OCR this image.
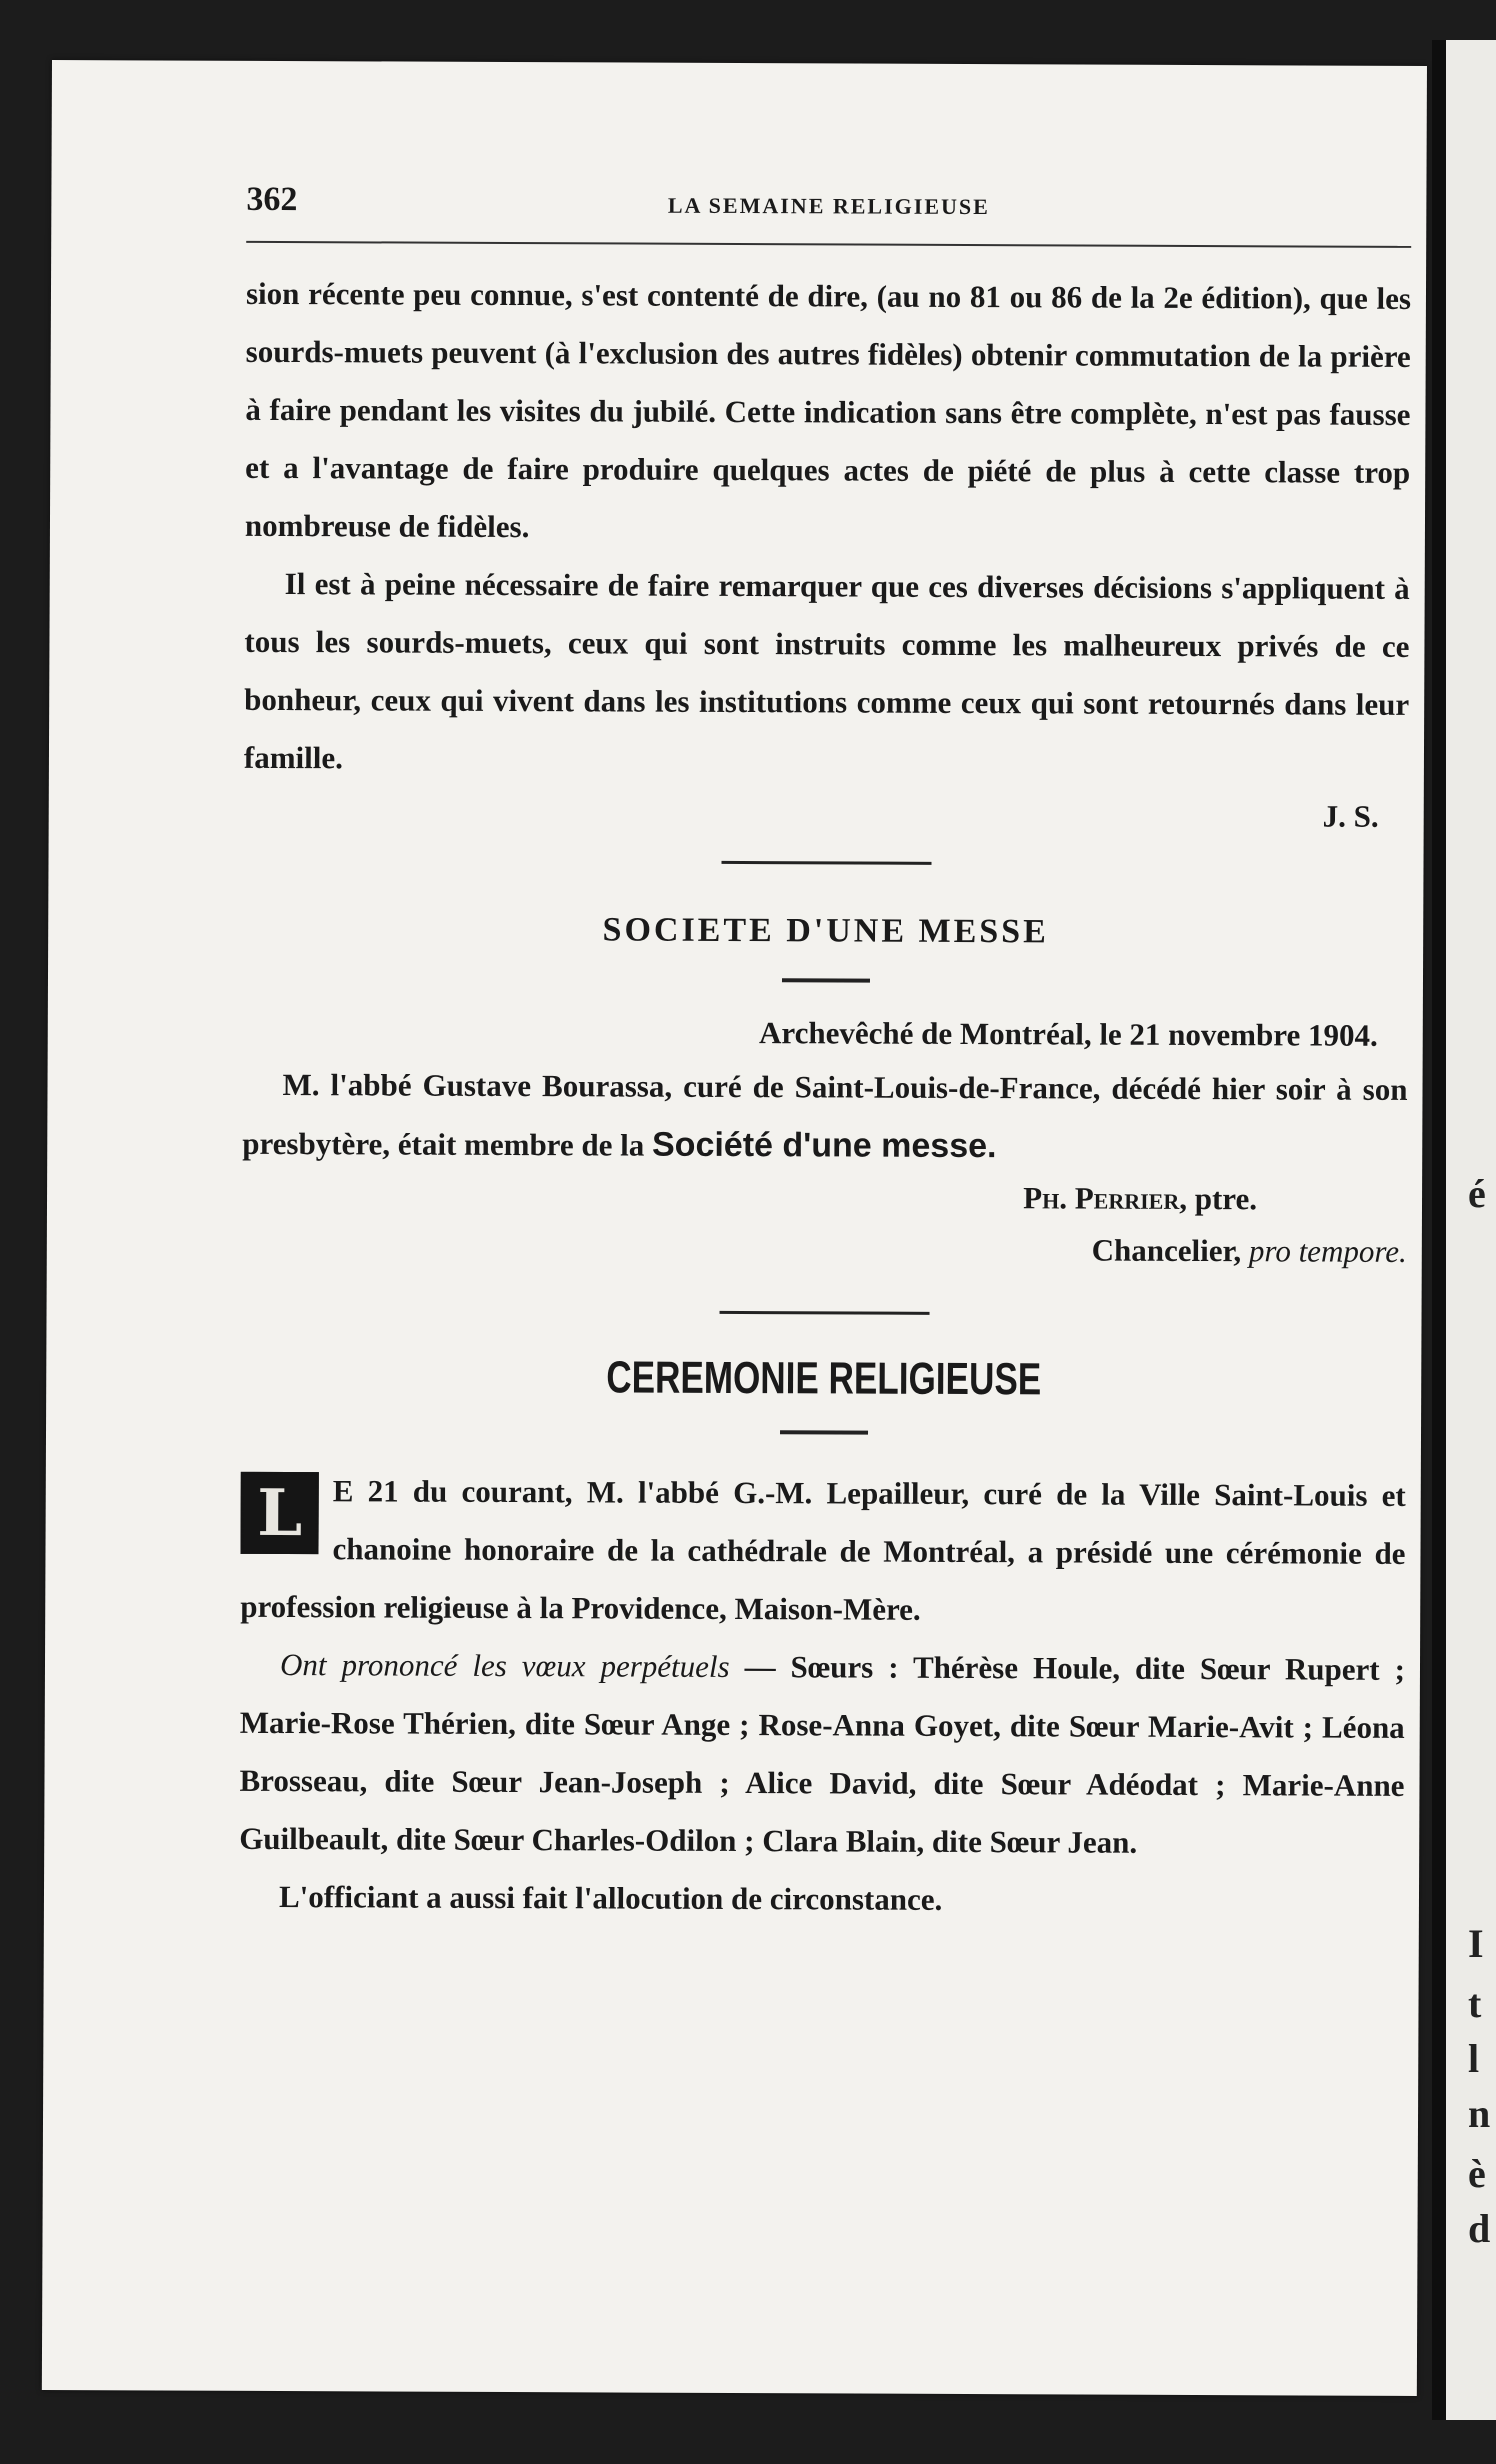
362	LA SEMAINE RELIGIEUSE

sion récente peu connue, s'est contenté de dire, (au no 81 ou 86 de la 2e édition), que les sourds-muets peuvent (à l'exclusion des autres fidèles) obtenir commutation de la prière à faire pendant les visites du jubilé. Cette indication sans être complète, n'est pas fausse et a l'avantage de faire produire quelques actes de piété de plus à cette classe trop nombreuse de fidèles.

Il est à peine nécessaire de faire remarquer que ces diverses décisions s'appliquent à tous les sourds-muets, ceux qui sont instruits comme les malheureux privés de ce bonheur, ceux qui vivent dans les institutions comme ceux qui sont retournés dans leur famille.

J. S.
SOCIETE D'UNE MESSE
Archevêché de Montréal, le 21 novembre 1904.

M. l'abbé Gustave Bourassa, curé de Saint-Louis-de-France, décédé hier soir à son presbytère, était membre de la Société d'une messe.

Ph. Perrier, ptre.
Chancelier, pro tempore.
CEREMONIE RELIGIEUSE

L E 21 du courant, M. l'abbé G.-M. Lepailleur, curé de la Ville Saint-Louis et chanoine honoraire de la cathédrale de Montréal, a présidé une cérémonie de profession religieuse à la Providence, Maison-Mère.

Ont prononcé les vœux perpétuels — Sœurs : Thérèse Houle, dite Sœur Rupert ; Marie-Rose Thérien, dite Sœur Ange ; Rose-Anna Goyet, dite Sœur Marie-Avit ; Léona Brosseau, dite Sœur Jean-Joseph ; Alice David, dite Sœur Adéodat ; Marie-Anne Guilbeault, dite Sœur Charles-Odilon ; Clara Blain, dite Sœur Jean.

L'officiant a aussi fait l'allocution de circonstance.

é
I
t
l
n
è
d
